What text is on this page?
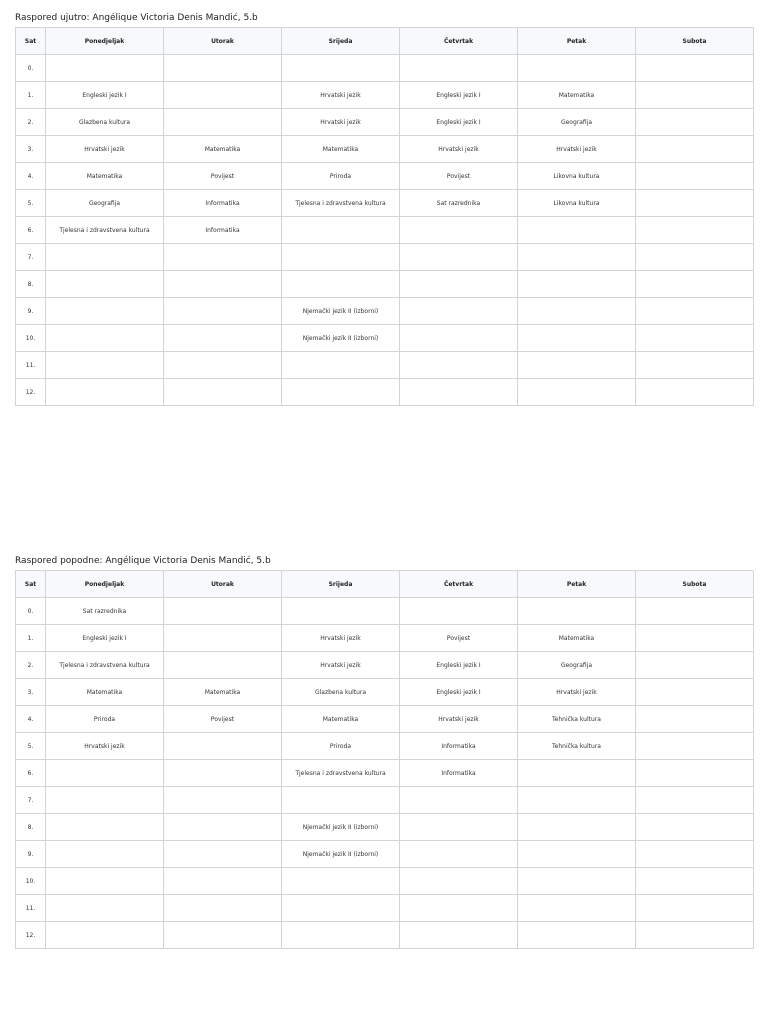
Raspored ujutro: Angélique Victoria Denis Mandić, 5.b
Sat	Ponedjeljak	Utorak	Srijeda	Četvrtak	Petak	Subota
0.						
1.	Engleski jezik I		Hrvatski jezik	Engleski jezik I	Matematika	
2.	Glazbena kultura		Hrvatski jezik	Engleski jezik I	Geografija	
3.	Hrvatski jezik	Matematika	Matematika	Hrvatski jezik	Hrvatski jezik	
4.	Matematika	Povijest	Priroda	Povijest	Likovna kultura	
5.	Geografija	Informatika	Tjelesna i zdravstvena kultura	Sat razrednika	Likovna kultura	
6.	Tjelesna i zdravstvena kultura	Informatika				
7.						
8.						
9.			Njemački jezik II (izborni)			
10.			Njemački jezik II (izborni)			
11.						
12.						
Raspored popodne: Angélique Victoria Denis Mandić, 5.b
Sat	Ponedjeljak	Utorak	Srijeda	Četvrtak	Petak	Subota
0.	Sat razrednika					
1.	Engleski jezik I		Hrvatski jezik	Povijest	Matematika	
2.	Tjelesna i zdravstvena kultura		Hrvatski jezik	Engleski jezik I	Geografija	
3.	Matematika	Matematika	Glazbena kultura	Engleski jezik I	Hrvatski jezik	
4.	Priroda	Povijest	Matematika	Hrvatski jezik	Tehnička kultura	
5.	Hrvatski jezik		Priroda	Informatika	Tehnička kultura	
6.			Tjelesna i zdravstvena kultura	Informatika		
7.						
8.			Njemački jezik II (izborni)			
9.			Njemački jezik II (izborni)			
10.						
11.						
12.						
